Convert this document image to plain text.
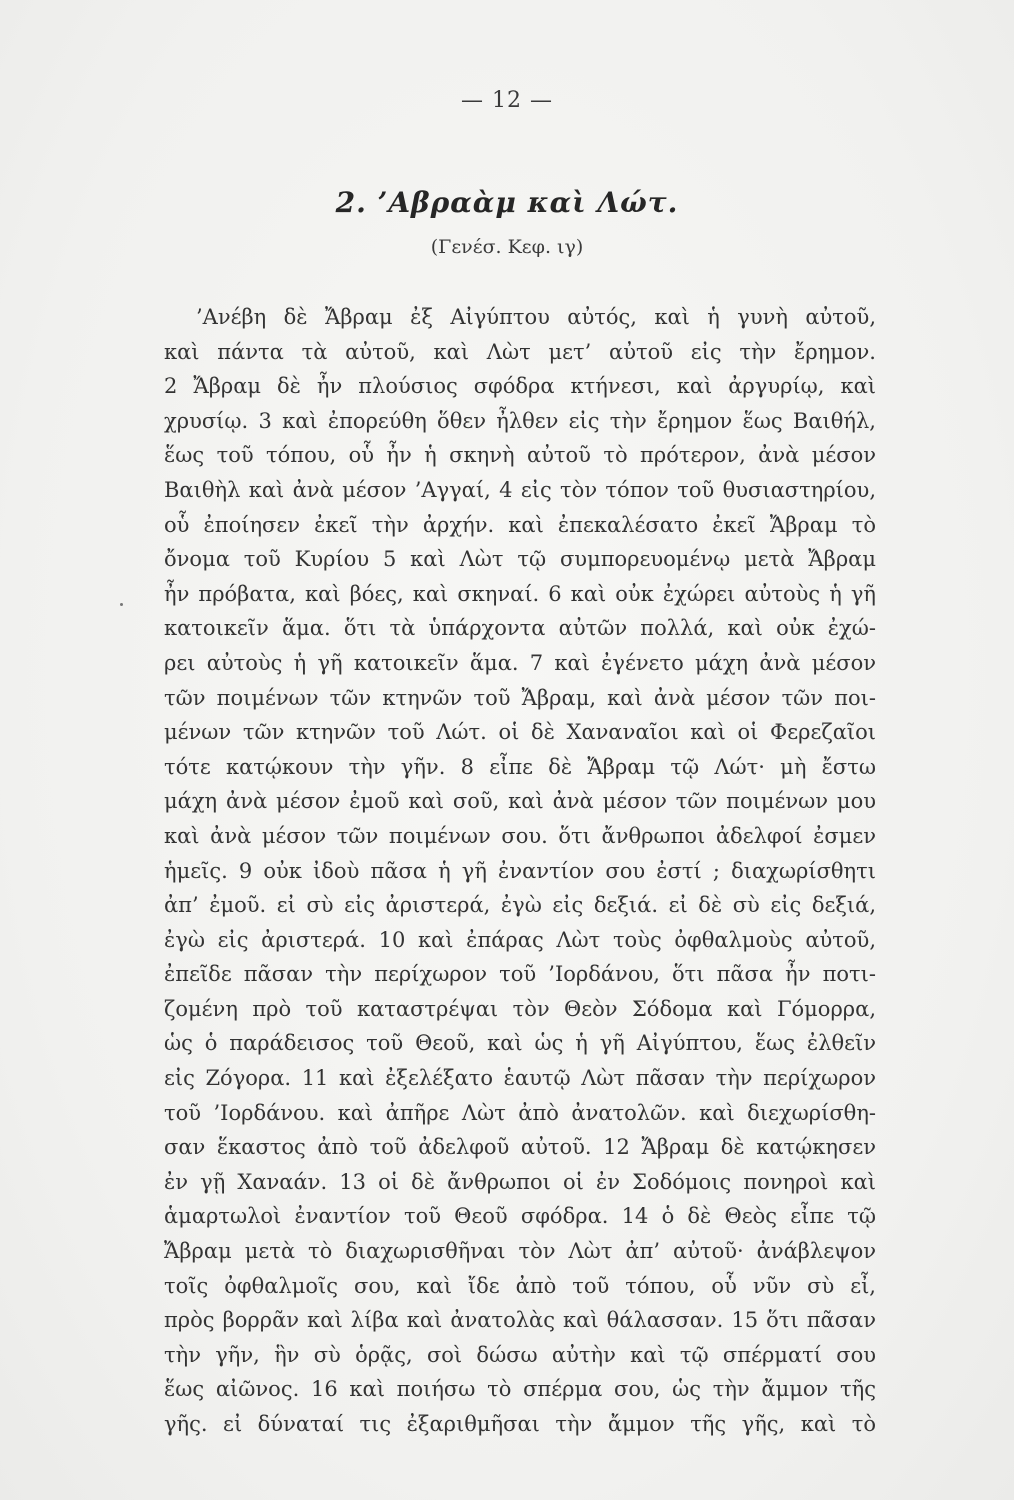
— 12 —
2. ’Αβραὰμ καὶ Λώτ.
(Γενέσ. Κεφ. ιγ)
’Ανέβη δὲ Ἄβραμ ἐξ Αἰγύπτου αὐτός, καὶ ἡ γυνὴ αὐτοῦ,
καὶ πάντα τὰ αὐτοῦ, καὶ Λὼτ μετ’ αὐτοῦ εἰς τὴν ἔρημον.
2 Ἄβραμ δὲ ἦν πλούσιος σφόδρα κτήνεσι, καὶ ἀργυρίῳ, καὶ
χρυσίῳ. 3 καὶ ἐπορεύθη ὅθεν ἦλθεν εἰς τὴν ἔρημον ἕως Βαιθήλ,
ἕως τοῦ τόπου, οὗ ἦν ἡ σκηνὴ αὐτοῦ τὸ πρότερον, ἀνὰ μέσον
Βαιθὴλ καὶ ἀνὰ μέσον ’Αγγαί, 4 εἰς τὸν τόπον τοῦ θυσιαστηρίου,
οὗ ἐποίησεν ἐκεῖ τὴν ἀρχήν. καὶ ἐπεκαλέσατο ἐκεῖ Ἄβραμ τὸ
ὄνομα τοῦ Κυρίου 5 καὶ Λὼτ τῷ συμπορευομένῳ μετὰ Ἄβραμ
ἦν πρόβατα, καὶ βόες, καὶ σκηναί. 6 καὶ οὐκ ἐχώρει αὐτοὺς ἡ γῆ
κατοικεῖν ἅμα. ὅτι τὰ ὑπάρχοντα αὐτῶν πολλά, καὶ οὐκ ἐχώ-
ρει αὐτοὺς ἡ γῆ κατοικεῖν ἅμα. 7 καὶ ἐγένετο μάχη ἀνὰ μέσον
τῶν ποιμένων τῶν κτηνῶν τοῦ Ἄβραμ, καὶ ἀνὰ μέσον τῶν ποι-
μένων τῶν κτηνῶν τοῦ Λώτ. οἱ δὲ Χαναναῖοι καὶ οἱ Φερεζαῖοι
τότε κατῴκουν τὴν γῆν. 8 εἶπε δὲ Ἄβραμ τῷ Λώτ· μὴ ἔστω
μάχη ἀνὰ μέσον ἐμοῦ καὶ σοῦ, καὶ ἀνὰ μέσον τῶν ποιμένων μου
καὶ ἀνὰ μέσον τῶν ποιμένων σου. ὅτι ἄνθρωποι ἀδελφοί ἐσμεν
ἡμεῖς. 9 οὐκ ἰδοὺ πᾶσα ἡ γῆ ἐναντίον σου ἐστί ; διαχωρίσθητι
ἀπ’ ἐμοῦ. εἰ σὺ εἰς ἀριστερά, ἐγὼ εἰς δεξιά. εἰ δὲ σὺ εἰς δεξιά,
ἐγὼ εἰς ἀριστερά. 10 καὶ ἐπάρας Λὼτ τοὺς ὀφθαλμοὺς αὐτοῦ,
ἐπεῖδε πᾶσαν τὴν περίχωρον τοῦ ’Ιορδάνου, ὅτι πᾶσα ἦν ποτι-
ζομένη πρὸ τοῦ καταστρέψαι τὸν Θεὸν Σόδομα καὶ Γόμορρα,
ὡς ὁ παράδεισος τοῦ Θεοῦ, καὶ ὡς ἡ γῆ Αἰγύπτου, ἕως ἐλθεῖν
εἰς Ζόγορα. 11 καὶ ἐξελέξατο ἑαυτῷ Λὼτ πᾶσαν τὴν περίχωρον
τοῦ ’Ιορδάνου. καὶ ἀπῆρε Λὼτ ἀπὸ ἀνατολῶν. καὶ διεχωρίσθη-
σαν ἕκαστος ἀπὸ τοῦ ἀδελφοῦ αὐτοῦ. 12 Ἄβραμ δὲ κατῴκησεν
ἐν γῇ Χαναάν. 13 οἱ δὲ ἄνθρωποι οἱ ἐν Σοδόμοις πονηροὶ καὶ
ἁμαρτωλοὶ ἐναντίον τοῦ Θεοῦ σφόδρα. 14 ὁ δὲ Θεὸς εἶπε τῷ
Ἄβραμ μετὰ τὸ διαχωρισθῆναι τὸν Λὼτ ἀπ’ αὐτοῦ· ἀνάβλεψον
τοῖς ὀφθαλμοῖς σου, καὶ ἴδε ἀπὸ τοῦ τόπου, οὗ νῦν σὺ εἶ,
πρὸς βορρᾶν καὶ λίβα καὶ ἀνατολὰς καὶ θάλασσαν. 15 ὅτι πᾶσαν
τὴν γῆν, ἣν σὺ ὁρᾷς, σοὶ δώσω αὐτὴν καὶ τῷ σπέρματί σου
ἕως αἰῶνος. 16 καὶ ποιήσω τὸ σπέρμα σου, ὡς τὴν ἄμμον τῆς
γῆς. εἰ δύναταί τις ἐξαριθμῆσαι τὴν ἄμμον τῆς γῆς, καὶ τὸ
